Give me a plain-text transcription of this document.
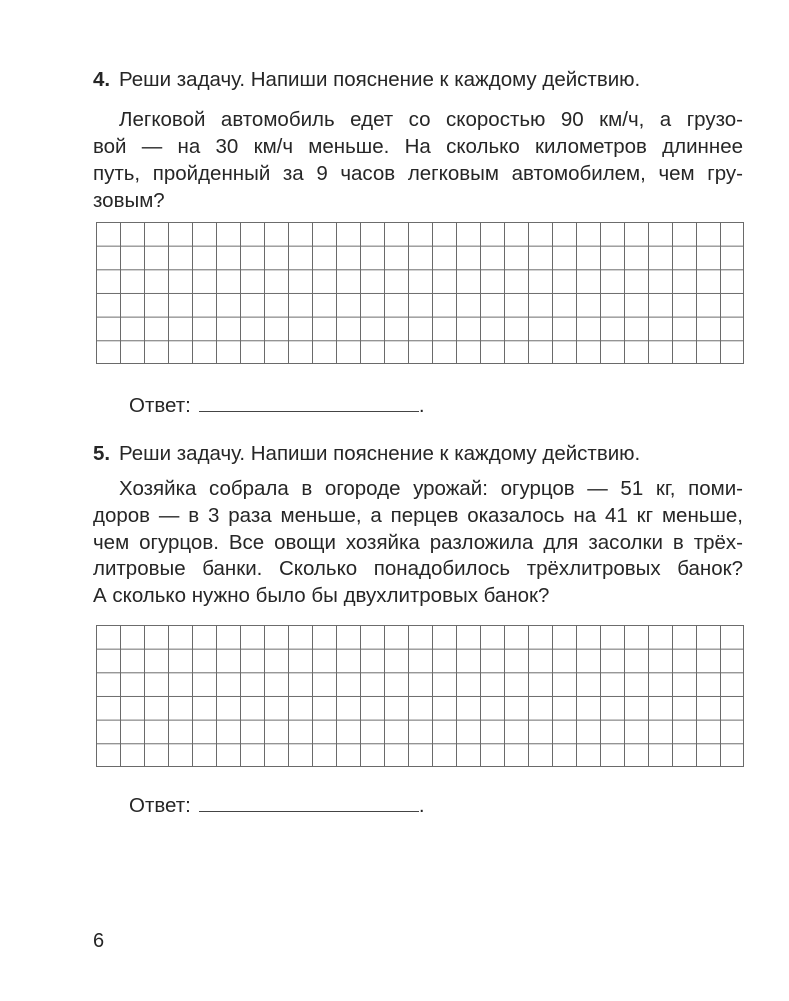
4. Реши задачу. Напиши пояснение к каждому действию.
Легковой автомобиль едет со скоростью 90 км/ч, а грузо-
вой — на 30 км/ч меньше. На сколько километров длиннее
путь, пройденный за 9 часов легковым автомобилем, чем гру-
зовым?
Ответ:	.
5. Реши задачу. Напиши пояснение к каждому действию.
Хозяйка собрала в огороде урожай: огурцов — 51 кг, поми-
доров — в 3 раза меньше, а перцев оказалось на 41 кг меньше,
чем огурцов. Все овощи хозяйка разложила для засолки в трёх-
литровые банки. Сколько понадобилось трёхлитровых банок?
А сколько нужно было бы двухлитровых банок?
Ответ:	.
6
